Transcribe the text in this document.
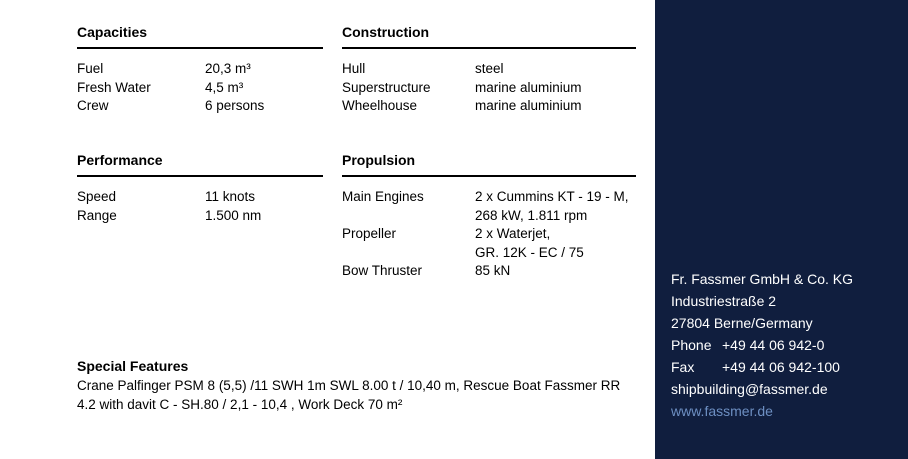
Capacities
Fuel	20,3 m³
Fresh Water	4,5 m³
Crew	6 persons
Construction
Hull	steel
Superstructure	marine aluminium
Wheelhouse	marine aluminium
Performance
Speed	11 knots
Range	1.500 nm
Propulsion
Main Engines	2 x Cummins KT - 19 - M,
268 kW, 1.811 rpm
Propeller	2 x Waterjet,
GR. 12K - EC / 75
Bow Thruster	85 kN
Special Features

Crane Palfinger PSM 8 (5,5) /11 SWH 1m SWL 8.00 t / 10,40 m, Rescue Boat Fassmer RR 4.2 with davit C - SH.80 / 2,1 - 10,4 , Work Deck 70 m²

Fr. Fassmer GmbH & Co. KG
Industriestraße 2
27804 Berne/Germany
Phone +49 44 06 942-0
Fax	+49 44 06 942-100
shipbuilding@fassmer.de
www.fassmer.de
